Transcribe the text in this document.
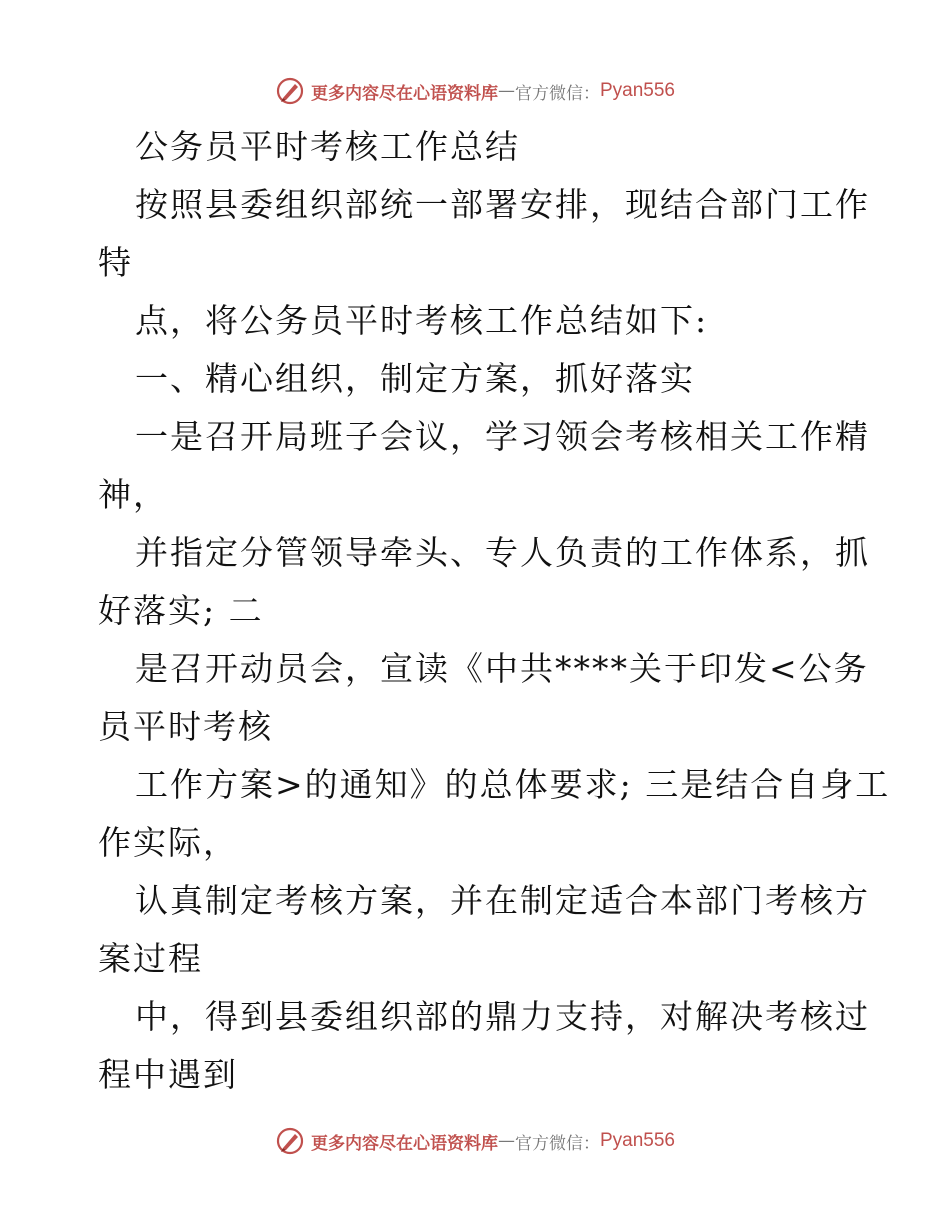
更多内容尽在心语资料库 — 官方微信： Pyan556
公务员平时考核工作总结
按照县委组织部统一部署安排，现结合部门工作
特
点，将公务员平时考核工作总结如下:
一、精心组织，制定方案，抓好落实
一是召开局班子会议，学习领会考核相关工作精
神，
并指定分管领导牵头、专人负责的工作体系，抓
好落实; 二
是召开动员会，宣读《中共****关于印发<公务
员平时考核
工作方案>的通知》的总体要求; 三是结合自身工
作实际，
认真制定考核方案，并在制定适合本部门考核方
案过程
中，得到县委组织部的鼎力支持，对解决考核过
程中遇到
更多内容尽在心语资料库 — 官方微信： Pyan556
